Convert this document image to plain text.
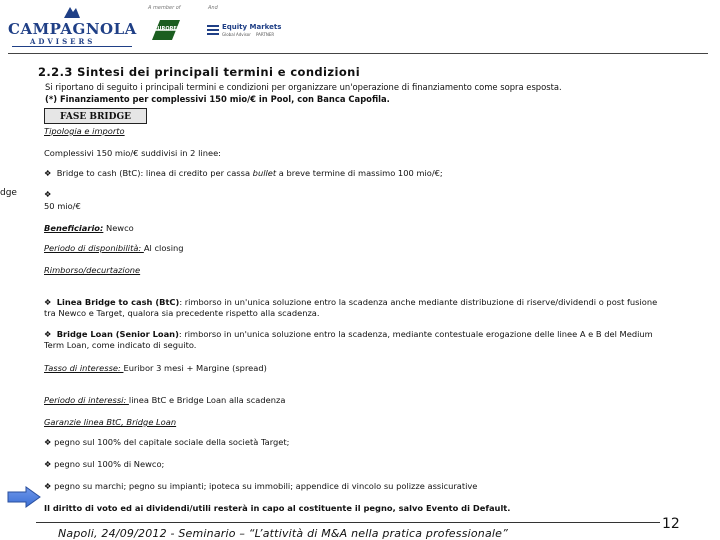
CAMPAGNOLA
ADVISERS
A member of	And
EUROREFI	Equity Markets
Global Advisor PARTNER
2.2.3 Sintesi dei principali termini e condizioni
Si riportano di seguito i principali termini e condizioni per organizzare un'operazione di finanziamento come sopra esposta.
(*) Finanziamento per complessivi 150 mio/€ in Pool, con Banca Capofila.
FASE BRIDGE
dge
Tipologia e importo
Complessivi 150 mio/€ suddivisi in 2 linee:
❖ Bridge to cash (BtC): linea di credito per cassa bullet a breve termine di massimo 100 mio/€;
❖
50 mio/€
Beneficiario: Newco
Periodo di disponibilità: Al closing
Rimborso/decurtazione
❖ Linea Bridge to cash (BtC): rimborso in un'unica soluzione entro la scadenza anche mediante distribuzione di riserve/dividendi o post fusione tra Newco e Target, qualora sia precedente rispetto alla scadenza.
❖ Bridge Loan (Senior Loan): rimborso in un'unica soluzione entro la scadenza, mediante contestuale erogazione delle linee A e B del Medium Term Loan, come indicato di seguito.
Tasso di interesse: Euribor 3 mesi + Margine (spread)
Periodo di interessi: linea BtC e Bridge Loan alla scadenza
Garanzie linea BtC, Bridge Loan
❖ pegno sul 100% del capitale sociale della società Target;
❖ pegno sul 100% di Newco;
❖ pegno su marchi; pegno su impianti; ipoteca su immobili; appendice di vincolo su polizze assicurative
Il diritto di voto ed ai dividendi/utili resterà in capo al costituente il pegno, salvo Evento di Default.
Napoli, 24/09/2012 - Seminario – “L’attività di M&A nella pratica professionale”
12
